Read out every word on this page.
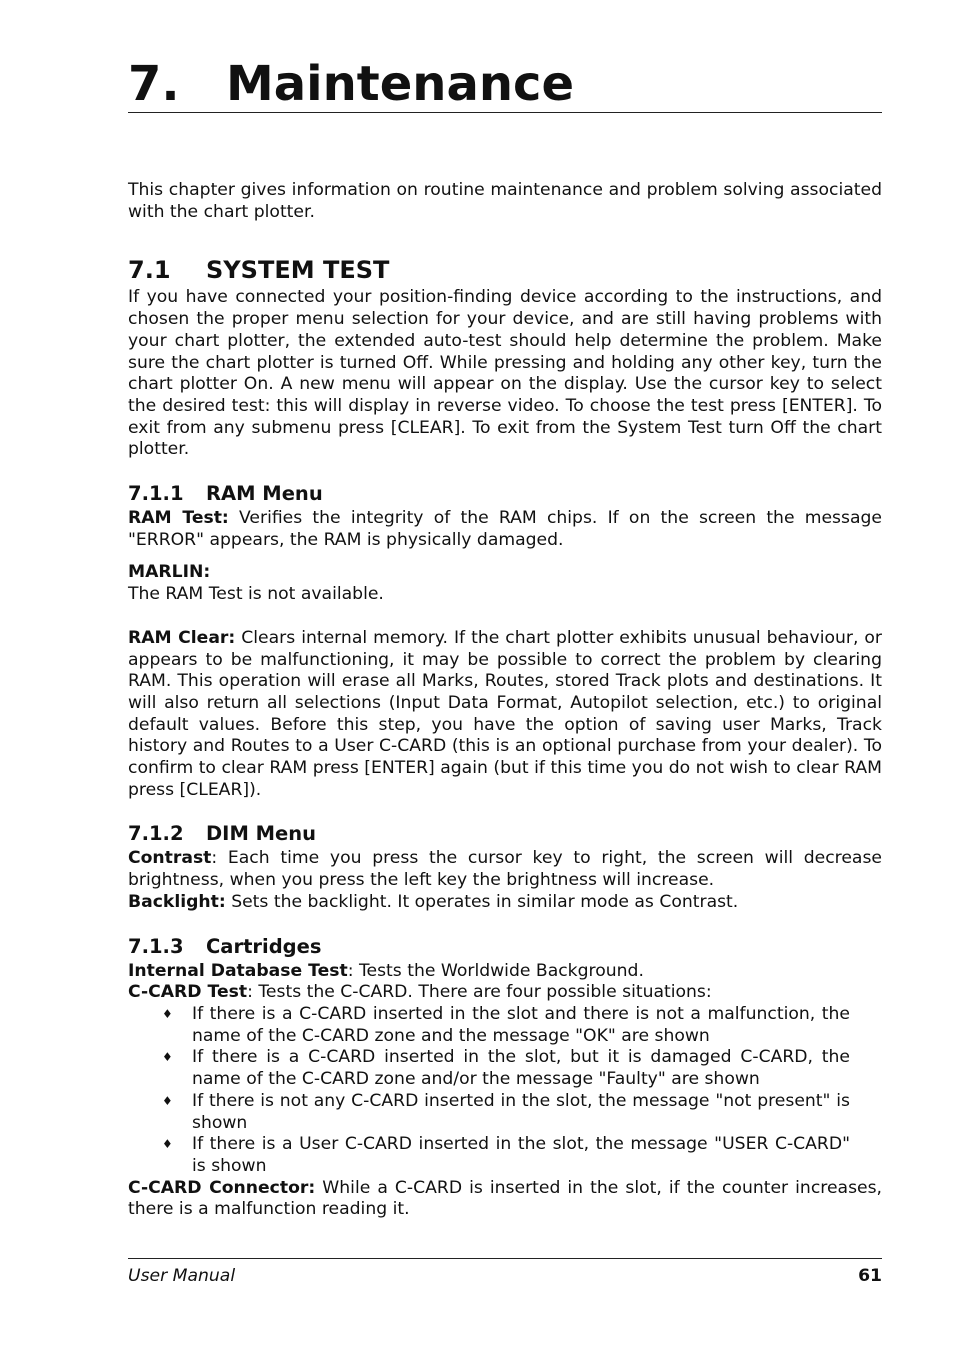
7. Maintenance

This chapter gives information on routine maintenance and problem solving associated with the chart plotter.

7.1 SYSTEM TEST

If you have connected your position-finding device according to the instructions, and chosen the proper menu selection for your device, and are still having problems with your chart plotter, the extended auto-test should help determine the problem. Make sure the chart plotter is turned Off. While pressing and holding any other key, turn the chart plotter On. A new menu will appear on the display. Use the cursor key to select the desired test: this will display in reverse video. To choose the test press [ENTER]. To exit from any submenu press [CLEAR]. To exit from the System Test turn Off the chart plotter.

7.1.1 RAM Menu

RAM Test: Verifies the integrity of the RAM chips. If on the screen the message "ERROR" appears, the RAM is physically damaged.

MARLIN:

The RAM Test is not available.

RAM Clear: Clears internal memory. If the chart plotter exhibits unusual behaviour, or appears to be malfunctioning, it may be possible to correct the problem by clearing RAM. This operation will erase all Marks, Routes, stored Track plots and destinations. It will also return all selections (Input Data Format, Autopilot selection, etc.) to original default values. Before this step, you have the option of saving user Marks, Track history and Routes to a User C-CARD (this is an optional purchase from your dealer). To confirm to clear RAM press [ENTER] again (but if this time you do not wish to clear RAM press [CLEAR]).

7.1.2 DIM Menu

Contrast: Each time you press the cursor key to right, the screen will decrease brightness, when you press the left key the brightness will increase.

Backlight: Sets the backlight. It operates in similar mode as Contrast.

7.1.3 Cartridges

Internal Database Test: Tests the Worldwide Background.

C-CARD Test: Tests the C-CARD. There are four possible situations:

♦ If there is a C-CARD inserted in the slot and there is not a malfunction, the name of the C-CARD zone and the message "OK" are shown
♦ If there is a C-CARD inserted in the slot, but it is damaged C-CARD, the name of the C-CARD zone and/or the message "Faulty" are shown
♦ If there is not any C-CARD inserted in the slot, the message "not present" is shown
♦ If there is a User C-CARD inserted in the slot, the message "USER C-CARD" is shown

C-CARD Connector: While a C-CARD is inserted in the slot, if the counter increases, there is a malfunction reading it.

User Manual	61
